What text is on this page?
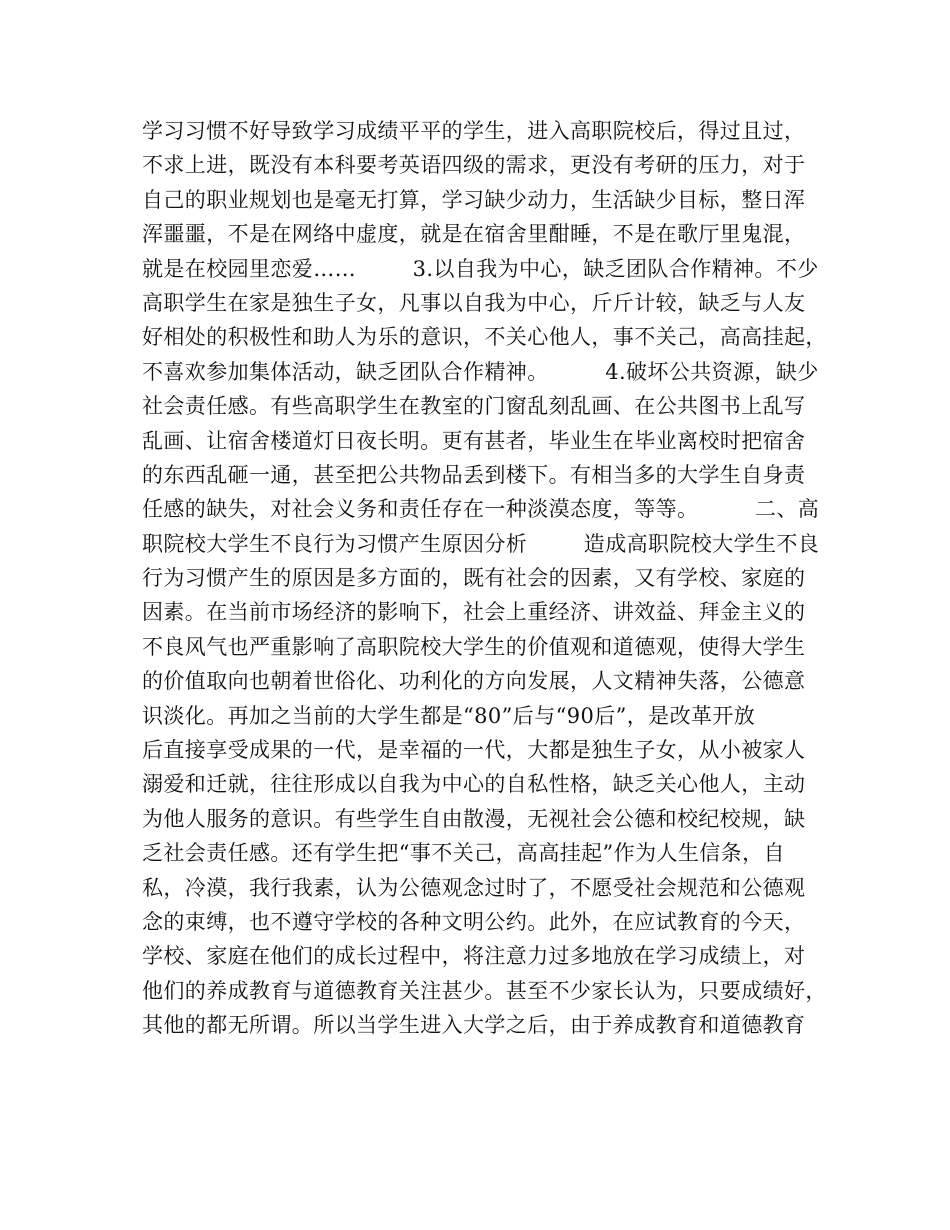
学习习惯不好导致学习成绩平平的学生，进入高职院校后，得过且过，
不求上进，既没有本科要考英语四级的需求，更没有考研的压力，对于
自己的职业规划也是毫无打算，学习缺少动力，生活缺少目标，整日浑
浑噩噩，不是在网络中虚度，就是在宿舍里酣睡，不是在歌厅里鬼混，
就是在校园里恋爱……        3.以自我为中心，缺乏团队合作精神。不少
高职学生在家是独生子女，凡事以自我为中心，斤斤计较，缺乏与人友
好相处的积极性和助人为乐的意识，不关心他人，事不关己，高高挂起，
不喜欢参加集体活动，缺乏团队合作精神。        4.破坏公共资源，缺少
社会责任感。有些高职学生在教室的门窗乱刻乱画、在公共图书上乱写
乱画、让宿舍楼道灯日夜长明。更有甚者，毕业生在毕业离校时把宿舍
的东西乱砸一通，甚至把公共物品丢到楼下。有相当多的大学生自身责
任感的缺失，对社会义务和责任存在一种淡漠态度，等等。        二、高
职院校大学生不良行为习惯产生原因分析        造成高职院校大学生不良
行为习惯产生的原因是多方面的，既有社会的因素，又有学校、家庭的
因素。在当前市场经济的影响下，社会上重经济、讲效益、拜金主义的
不良风气也严重影响了高职院校大学生的价值观和道德观，使得大学生
的价值取向也朝着世俗化、功利化的方向发展，人文精神失落，公德意
识淡化。再加之当前的大学生都是“80”后与“90后”，是改革开放
后直接享受成果的一代，是幸福的一代，大都是独生子女，从小被家人
溺爱和迁就，往往形成以自我为中心的自私性格，缺乏关心他人，主动
为他人服务的意识。有些学生自由散漫，无视社会公德和校纪校规，缺
乏社会责任感。还有学生把“事不关己，高高挂起”作为人生信条，自
私，冷漠，我行我素，认为公德观念过时了，不愿受社会规范和公德观
念的束缚，也不遵守学校的各种文明公约。此外，在应试教育的今天，
学校、家庭在他们的成长过程中，将注意力过多地放在学习成绩上，对
他们的养成教育与道德教育关注甚少。甚至不少家长认为，只要成绩好，
其他的都无所谓。所以当学生进入大学之后，由于养成教育和道德教育
